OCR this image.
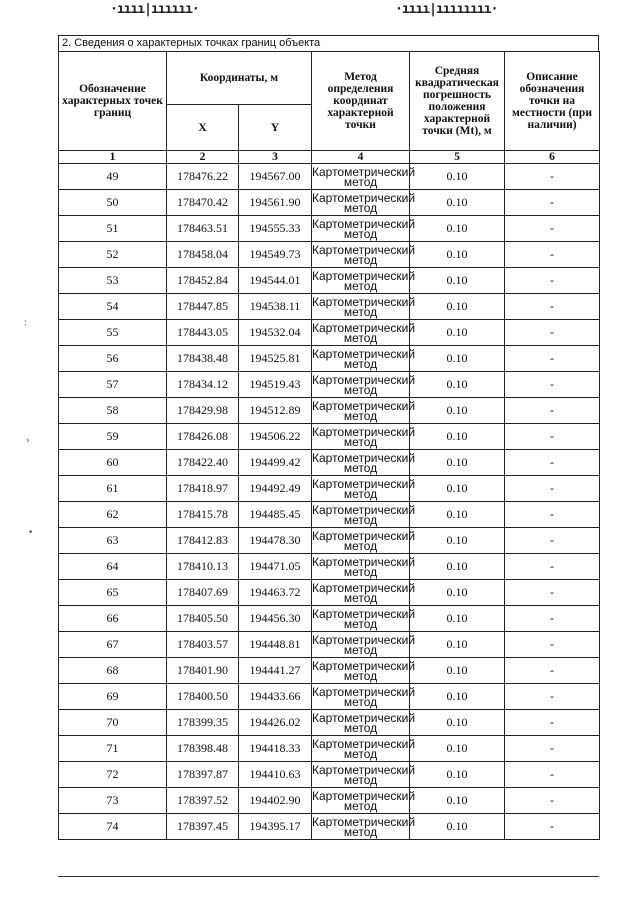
·ıııı|ıııııı·	·ıııı|ıııııııı·
:
›
•
2. Сведения о характерных точках границ объекта
Обозначение характерных точек границ	Координаты, м		Метод определения координат характерной точки	Средняя квадратическая погрешность положения характерной точки (Mt), м	Описание обозначения точки на местности (при наличии)
	X	Y			
1	2	3	4	5	6
49	178476.22	194567.00	Картометрический метод	0.10	-
50	178470.42	194561.90	Картометрический метод	0.10	-
51	178463.51	194555.33	Картометрический метод	0.10	-
52	178458.04	194549.73	Картометрический метод	0.10	-
53	178452.84	194544.01	Картометрический метод	0.10	-
54	178447.85	194538.11	Картометрический метод	0.10	-
55	178443.05	194532.04	Картометрический метод	0.10	-
56	178438.48	194525.81	Картометрический метод	0.10	-
57	178434.12	194519.43	Картометрический метод	0.10	-
58	178429.98	194512.89	Картометрический метод	0.10	-
59	178426.08	194506.22	Картометрический метод	0.10	-
60	178422.40	194499.42	Картометрический метод	0.10	-
61	178418.97	194492.49	Картометрический метод	0.10	-
62	178415.78	194485.45	Картометрический метод	0.10	-
63	178412.83	194478.30	Картометрический метод	0.10	-
64	178410.13	194471.05	Картометрический метод	0.10	-
65	178407.69	194463.72	Картометрический метод	0.10	-
66	178405.50	194456.30	Картометрический метод	0.10	-
67	178403.57	194448.81	Картометрический метод	0.10	-
68	178401.90	194441.27	Картометрический метод	0.10	-
69	178400.50	194433.66	Картометрический метод	0.10	-
70	178399.35	194426.02	Картометрический метод	0.10	-
71	178398.48	194418.33	Картометрический метод	0.10	-
72	178397.87	194410.63	Картометрический метод	0.10	-
73	178397.52	194402.90	Картометрический метод	0.10	-
74	178397.45	194395.17	Картометрический метод	0.10	-
